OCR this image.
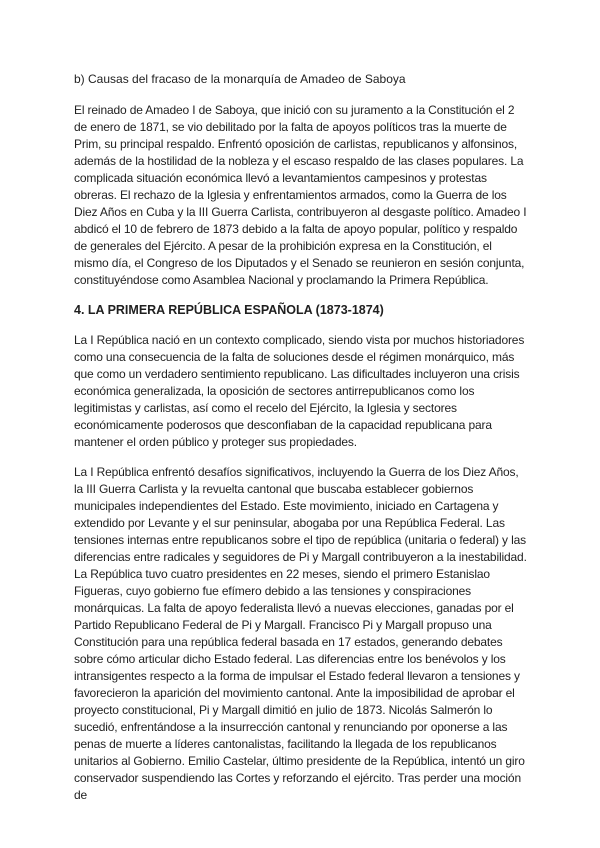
b) Causas del fracaso de la monarquía de Amadeo de Saboya

El reinado de Amadeo I de Saboya, que inició con su juramento a la Constitución el 2 de enero de 1871, se vio debilitado por la falta de apoyos políticos tras la muerte de Prim, su principal respaldo. Enfrentó oposición de carlistas, republicanos y alfonsinos, además de la hostilidad de la nobleza y el escaso respaldo de las clases populares. La complicada situación económica llevó a levantamientos campesinos y protestas obreras. El rechazo de la Iglesia y enfrentamientos armados, como la Guerra de los Diez Años en Cuba y la III Guerra Carlista, contribuyeron al desgaste político. Amadeo I abdicó el 10 de febrero de 1873 debido a la falta de apoyo popular, político y respaldo de generales del Ejército. A pesar de la prohibición expresa en la Constitución, el mismo día, el Congreso de los Diputados y el Senado se reunieron en sesión conjunta, constituyéndose como Asamblea Nacional y proclamando la Primera República.

4. LA PRIMERA REPÚBLICA ESPAÑOLA (1873-1874)

La I República nació en un contexto complicado, siendo vista por muchos historiadores como una consecuencia de la falta de soluciones desde el régimen monárquico, más que como un verdadero sentimiento republicano. Las dificultades incluyeron una crisis económica generalizada, la oposición de sectores antirrepublicanos como los legitimistas y carlistas, así como el recelo del Ejército, la Iglesia y sectores económicamente poderosos que desconfiaban de la capacidad republicana para mantener el orden público y proteger sus propiedades.

La I República enfrentó desafíos significativos, incluyendo la Guerra de los Diez Años, la III Guerra Carlista y la revuelta cantonal que buscaba establecer gobiernos municipales independientes del Estado. Este movimiento, iniciado en Cartagena y extendido por Levante y el sur peninsular, abogaba por una República Federal. Las tensiones internas entre republicanos sobre el tipo de república (unitaria o federal) y las diferencias entre radicales y seguidores de Pi y Margall contribuyeron a la inestabilidad. La República tuvo cuatro presidentes en 22 meses, siendo el primero Estanislao Figueras, cuyo gobierno fue efímero debido a las tensiones y conspiraciones monárquicas. La falta de apoyo federalista llevó a nuevas elecciones, ganadas por el Partido Republicano Federal de Pi y Margall. Francisco Pi y Margall propuso una Constitución para una república federal basada en 17 estados, generando debates sobre cómo articular dicho Estado federal. Las diferencias entre los benévolos y los intransigentes respecto a la forma de impulsar el Estado federal llevaron a tensiones y favorecieron la aparición del movimiento cantonal. Ante la imposibilidad de aprobar el proyecto constitucional, Pi y Margall dimitió en julio de 1873. Nicolás Salmerón lo sucedió, enfrentándose a la insurrección cantonal y renunciando por oponerse a las penas de muerte a líderes cantonalistas, facilitando la llegada de los republicanos unitarios al Gobierno. Emilio Castelar, último presidente de la República, intentó un giro conservador suspendiendo las Cortes y reforzando el ejército. Tras perder una moción de
